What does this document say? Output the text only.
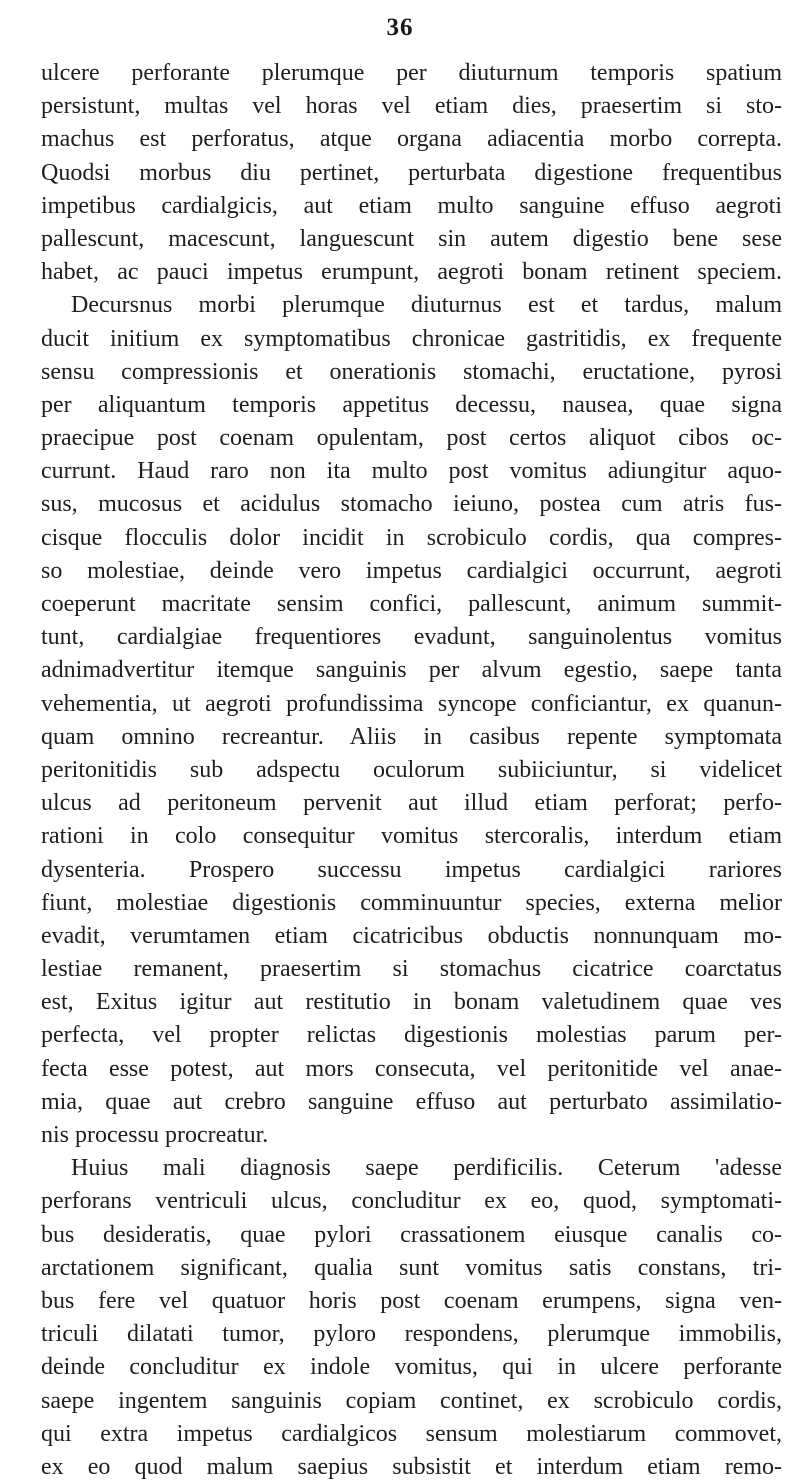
36
ulcere perforante plerumque per diuturnum temporis spatium
persistunt, multas vel horas vel etiam dies, praesertim si sto-
machus est perforatus, atque organa adiacentia morbo correpta.
Quodsi morbus diu pertinet, perturbata digestione frequentibus
impetibus cardialgicis, aut etiam multo sanguine effuso aegroti
pallescunt, macescunt, languescunt sin autem digestio bene sese
habet, ac pauci impetus erumpunt, aegroti bonam retinent speciem.
Decursnus morbi plerumque diuturnus est et tardus, malum
ducit initium ex symptomatibus chronicae gastritidis, ex frequente
sensu compressionis et onerationis stomachi, eructatione, pyrosi
per aliquantum temporis appetitus decessu, nausea, quae signa
praecipue post coenam opulentam, post certos aliquot cibos oc-
currunt. Haud raro non ita multo post vomitus adiungitur aquo-
sus, mucosus et acidulus stomacho ieiuno, postea cum atris fus-
cisque flocculis dolor incidit in scrobiculo cordis, qua compres-
so molestiae, deinde vero impetus cardialgici occurrunt, aegroti
coeperunt macritate sensim confici, pallescunt, animum summit-
tunt, cardialgiae frequentiores evadunt, sanguinolentus vomitus
adnimadvertitur itemque sanguinis per alvum egestio, saepe tanta
vehementia, ut aegroti profundissima syncope conficiantur, ex quanun-
quam omnino recreantur. Aliis in casibus repente symptomata
peritonitidis sub adspectu oculorum subiiciuntur, si videlicet
ulcus ad peritoneum pervenit aut illud etiam perforat; perfo-
rationi in colo consequitur vomitus stercoralis, interdum etiam
dysenteria. Prospero successu impetus cardialgici rariores
fiunt, molestiae digestionis comminuuntur species, externa melior
evadit, verumtamen etiam cicatricibus obductis nonnunquam mo-
lestiae remanent, praesertim si stomachus cicatrice coarctatus
est, Exitus igitur aut restitutio in bonam valetudinem quae ves
perfecta, vel propter relictas digestionis molestias parum per-
fecta esse potest, aut mors consecuta, vel peritonitide vel anae-
mia, quae aut crebro sanguine effuso aut perturbato assimilatio-
nis processu procreatur.
Huius mali diagnosis saepe perdificilis. Ceterum 'adesse
perforans ventriculi ulcus, concluditur ex eo, quod, symptomati-
bus desideratis, quae pylori crassationem eiusque canalis co-
arctationem significant, qualia sunt vomitus satis constans, tri-
bus fere vel quatuor horis post coenam erumpens, signa ven-
triculi dilatati tumor, pyloro respondens, plerumque immobilis,
deinde concluditur ex indole vomitus, qui in ulcere perforante
saepe ingentem sanguinis copiam continet, ex scrobiculo cordis,
qui extra impetus cardialgicos sensum molestiarum commovet,
ex eo quod malum saepius subsistit et interdum etiam remo-
